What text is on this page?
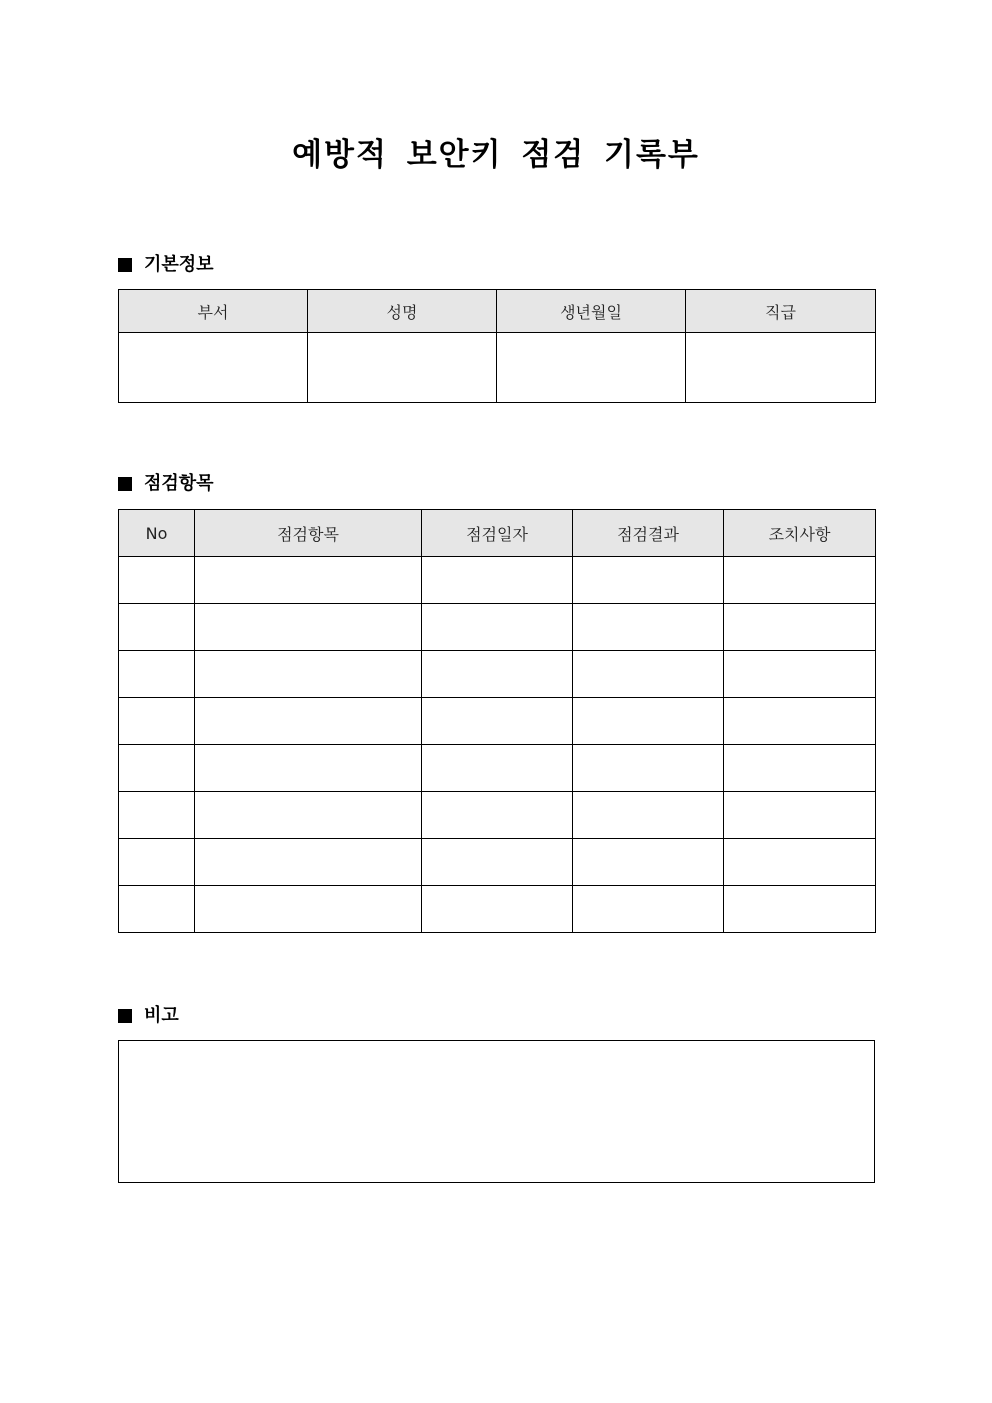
예방적 보안키 점검 기록부
기본정보
부서	성명	생년월일	직급

점검항목
No	점검항목	점검일자	점검결과	조치사항

비고
